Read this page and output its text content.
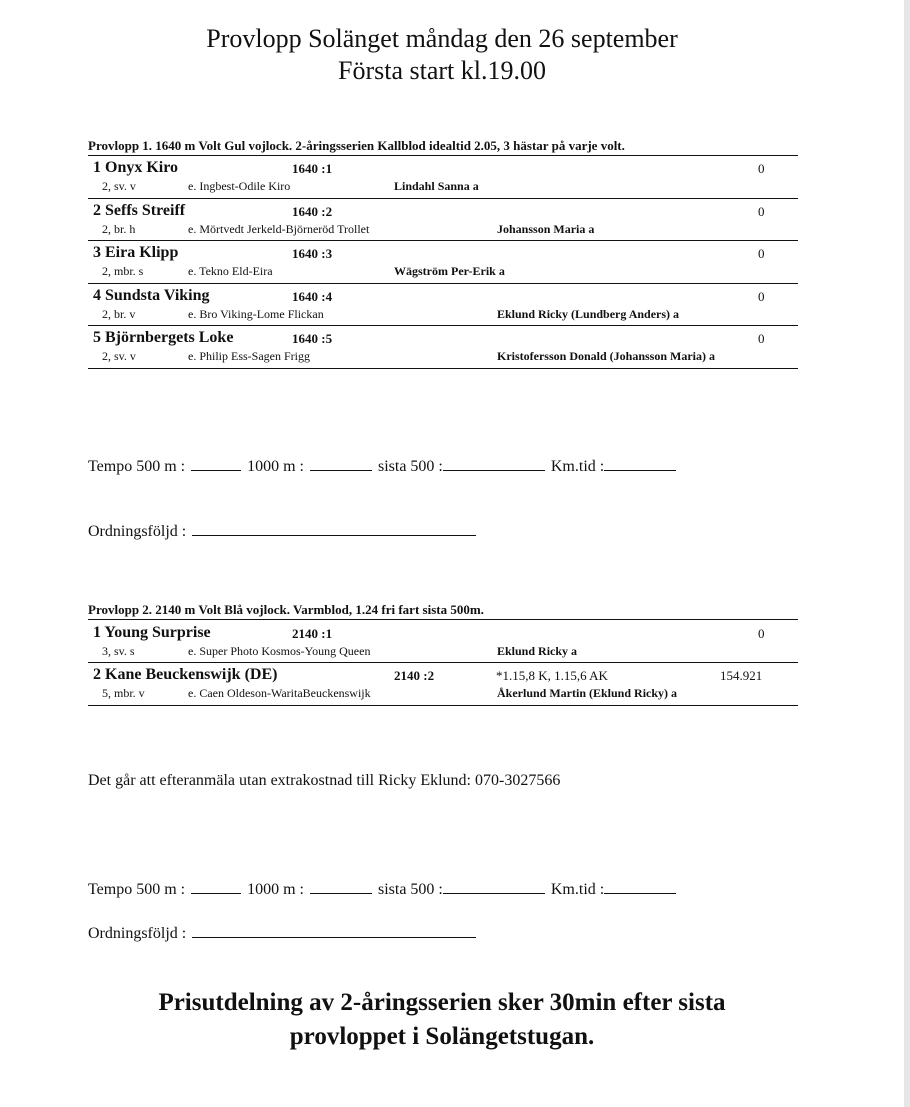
Provlopp Solänget måndag den 26 september
Första start kl.19.00
Provlopp 1. 1640 m Volt Gul vojlock. 2-åringsserien Kallblod idealtid 2.05, 3 hästar på varje volt.
1 Onyx Kiro	1640 :1	0
2, sv. v	e. Ingbest-Odile Kiro	Lindahl Sanna a
2 Seffs Streiff	1640 :2	0
2, br. h	e. Mörtvedt Jerkeld-Björneröd Trollet	Johansson Maria a
3 Eira Klipp	1640 :3	0
2, mbr. s	e. Tekno Eld-Eira	Wägström Per-Erik a
4 Sundsta Viking	1640 :4	0
2, br. v	e. Bro Viking-Lome Flickan	Eklund Ricky (Lundberg Anders) a
5 Björnbergets Loke	1640 :5	0
2, sv. v	e. Philip Ess-Sagen Frigg	Kristofersson Donald (Johansson Maria) a
Tempo 500 m :	1000 m :	sista 500 :	Km.tid :
Ordningsföljd :
Provlopp 2. 2140 m Volt Blå vojlock. Varmblod, 1.24 fri fart sista 500m.
1 Young Surprise	2140 :1	0
3, sv. s	e. Super Photo Kosmos-Young Queen	Eklund Ricky a
2 Kane Beuckenswijk (DE)	2140 :2	*1.15,8 K, 1.15,6 AK	154.921
5, mbr. v	e. Caen Oldeson-WaritaBeuckenswijk	Åkerlund Martin (Eklund Ricky) a
Det går att efteranmäla utan extrakostnad till Ricky Eklund: 070-3027566
Tempo 500 m :	1000 m :	sista 500 :	Km.tid :
Ordningsföljd :
Prisutdelning av 2-åringsserien sker 30min efter sista
provloppet i Solängetstugan.
